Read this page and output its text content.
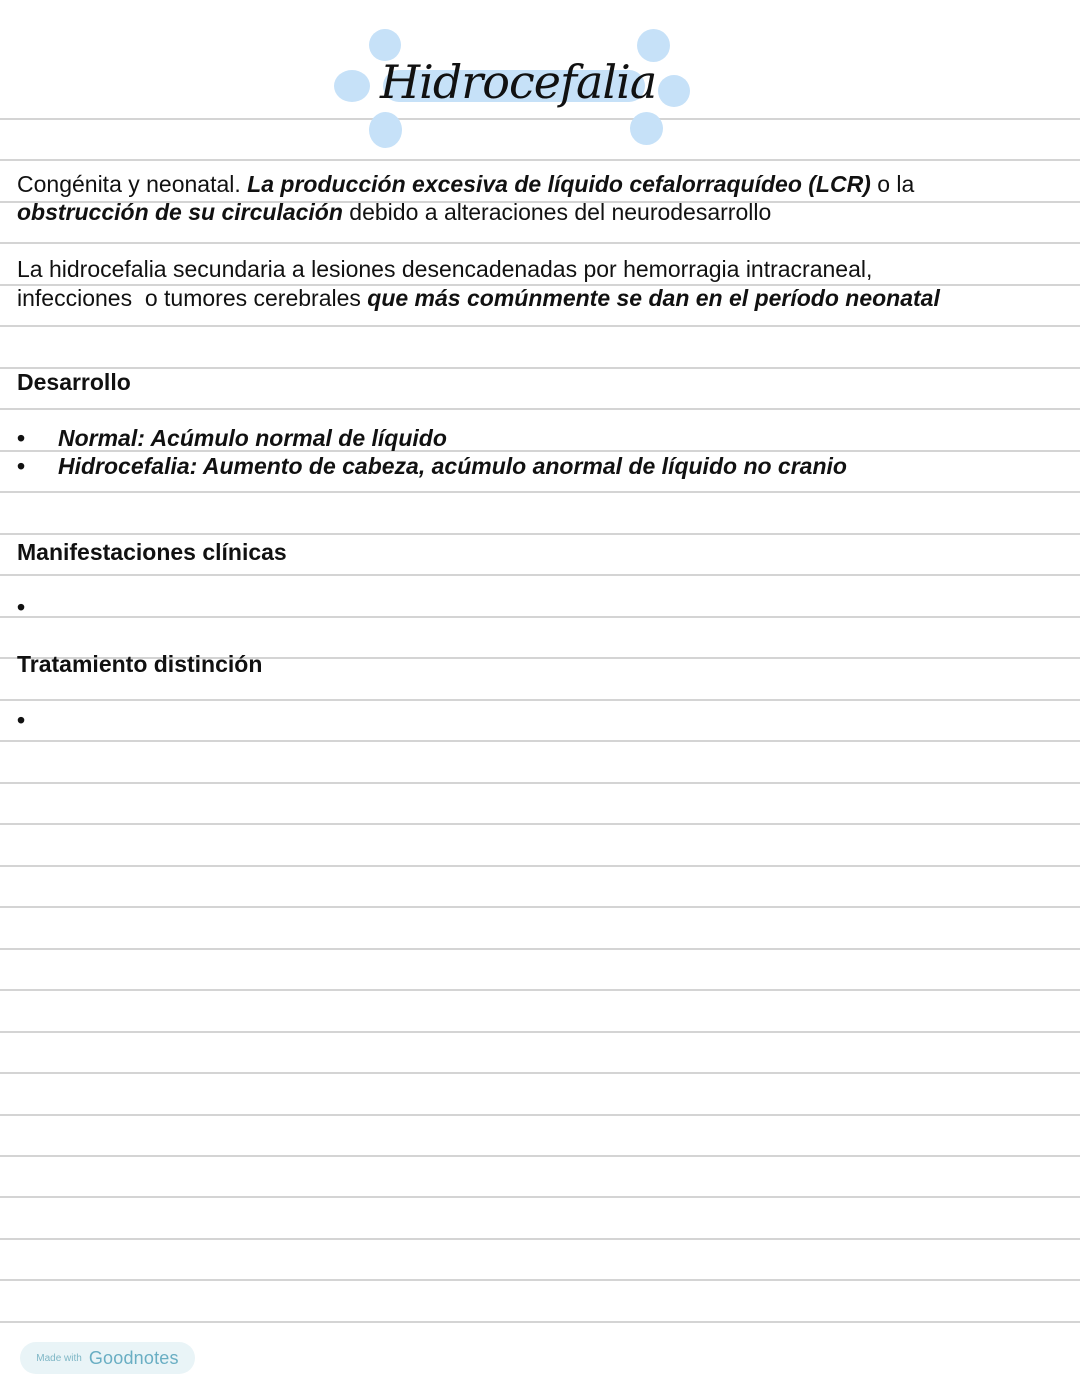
Hidrocefalia
Congénita y neonatal. La producción excesiva de líquido cefalorraquídeo (LCR) o la
obstrucción de su circulación debido a alteraciones del neurodesarrollo
La hidrocefalia secundaria a lesiones desencadenadas por hemorragia intracraneal,
infecciones  o tumores cerebrales que más comúnmente se dan en el período neonatal
Desarrollo
• Normal: Acúmulo normal de líquido
• Hidrocefalia: Aumento de cabeza, acúmulo anormal de líquido no cranio
Manifestaciones clínicas
•
Tratamiento distinción
•
Made with Goodnotes
